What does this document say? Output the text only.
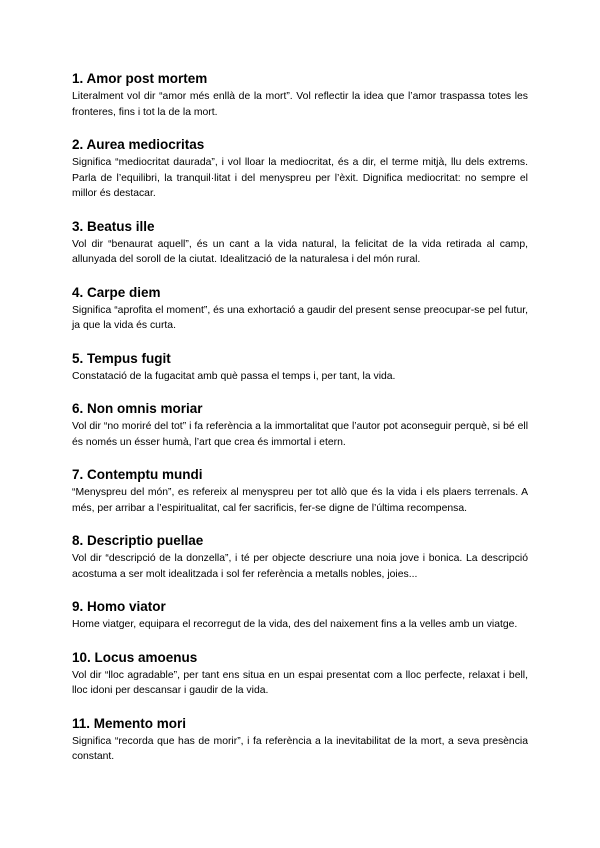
1. Amor post mortem

Literalment vol dir “amor més enllà de la mort”. Vol reflectir la idea que l’amor traspassa totes les fronteres, fins i tot la de la mort.

2. Aurea mediocritas

Significa “mediocritat daurada”, i vol lloar la mediocritat, és a dir, el terme mitjà, llu dels extrems. Parla de l’equilibri, la tranquil·litat i del menyspreu per l’èxit. Dignifica mediocritat: no sempre el millor és destacar.

3. Beatus ille

Vol dir “benaurat aquell”, és un cant a la vida natural, la felicitat de la vida retirada al camp, allunyada del soroll de la ciutat. Idealització de la naturalesa i del món rural.

4. Carpe diem

Significa “aprofita el moment”, és una exhortació a gaudir del present sense preocupar-se pel futur, ja que la vida és curta.

5. Tempus fugit

Constatació de la fugacitat amb què passa el temps i, per tant, la vida.

6. Non omnis moriar

Vol dir “no moriré del tot” i fa referència a la immortalitat que l’autor pot aconseguir perquè, si bé ell és només un ésser humà, l’art que crea és immortal i etern.

7. Contemptu mundi

“Menyspreu del món”, es refereix al menyspreu per tot allò que és la vida i els plaers terrenals. A més, per arribar a l’espiritualitat, cal fer sacrificis, fer-se digne de l’última recompensa.

8. Descriptio puellae

Vol dir “descripció de la donzella”, i té per objecte descriure una noia jove i bonica. La descripció acostuma a ser molt idealitzada i sol fer referència a metalls nobles, joies...

9. Homo viator

Home viatger, equipara el recorregut de la vida, des del naixement fins a la velles amb un viatge.

10. Locus amoenus

Vol dir “lloc agradable”, per tant ens situa en un espai presentat com a lloc perfecte, relaxat i bell, lloc idoni per descansar i gaudir de la vida.

11. Memento mori

Significa “recorda que has de morir”, i fa referència a la inevitabilitat de la mort, a seva presència constant.
